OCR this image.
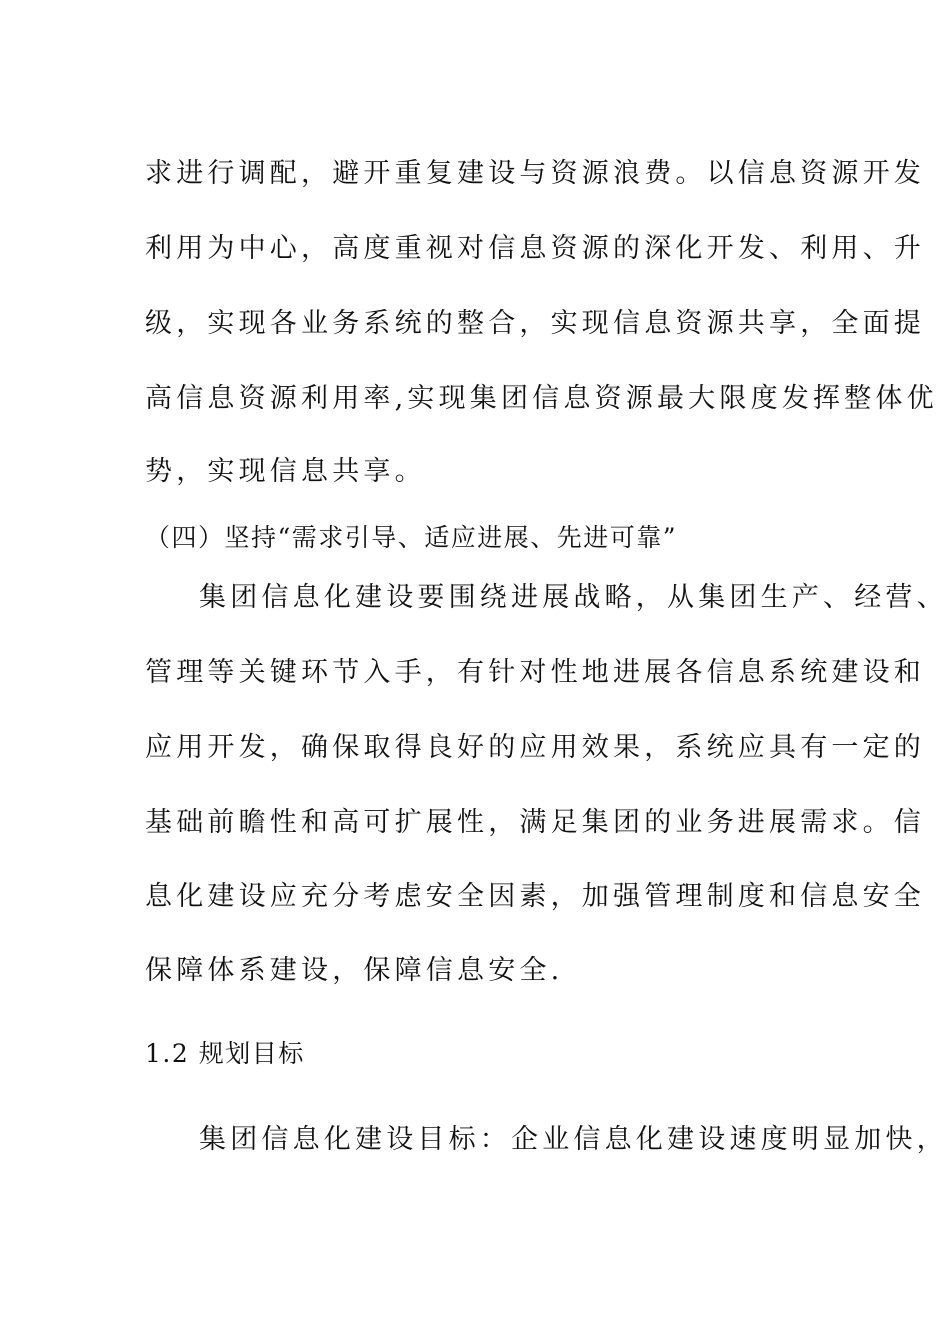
求进行调配，避开重复建设与资源浪费。以信息资源开发
利用为中心，高度重视对信息资源的深化开发、利用、升
级，实现各业务系统的整合，实现信息资源共享，全面提
高信息资源利用率,实现集团信息资源最大限度发挥整体优
势，实现信息共享。
（四）坚持“需求引导、适应进展、先进可靠”
集团信息化建设要围绕进展战略，从集团生产、经营、
管理等关键环节入手，有针对性地进展各信息系统建设和
应用开发，确保取得良好的应用效果，系统应具有一定的
基础前瞻性和高可扩展性，满足集团的业务进展需求。信
息化建设应充分考虑安全因素，加强管理制度和信息安全
保障体系建设，保障信息安全.
1.2 规划目标
集团信息化建设目标：企业信息化建设速度明显加快，
